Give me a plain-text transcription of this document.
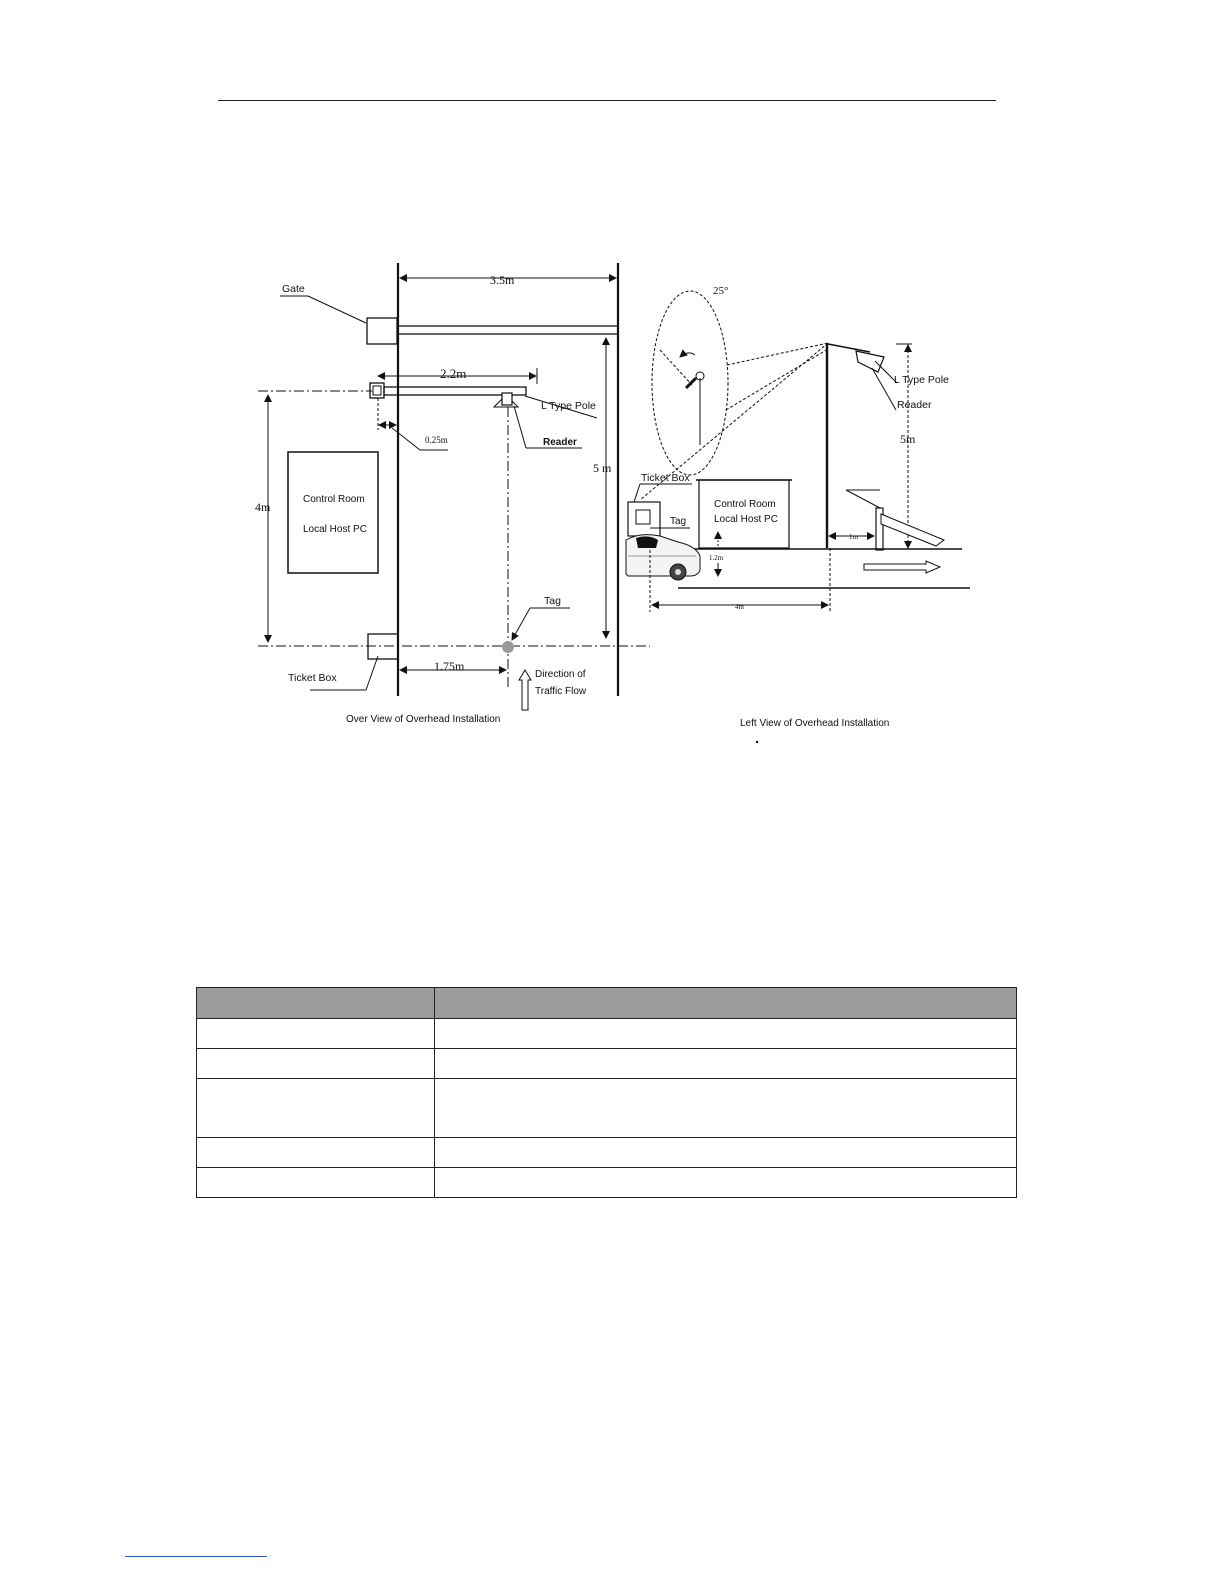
Gate
3.5m
2.2m
L Type Pole
Reader
0.25m
5 m
4m
Control Room
Local Host PC
Tag
Ticket Box
1.75m
Direction of
Traffic Flow
Over View of Overhead Installation
25°
L Type Pole
Reader
5m
Ticket Box
Tag
Control Room
Local Host PC
1.2m
1m
4m
Left View of Overhead Installation
